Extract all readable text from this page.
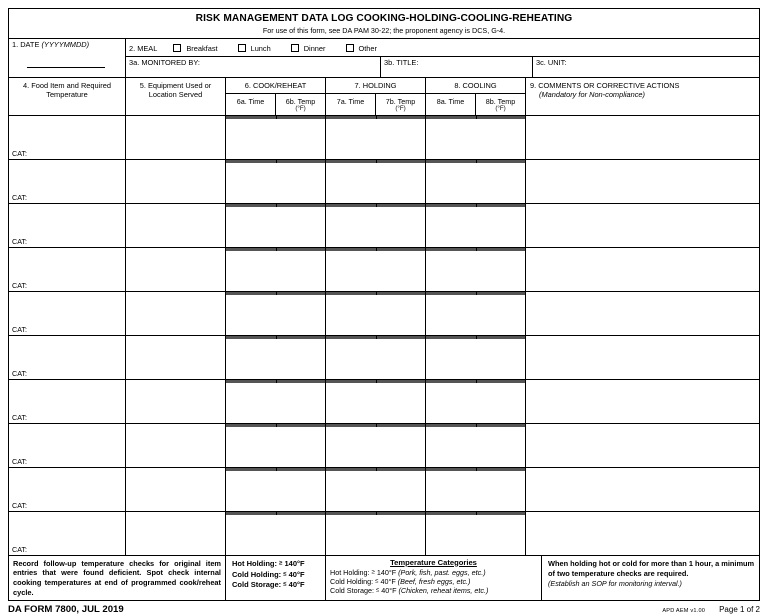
RISK MANAGEMENT DATA LOG COOKING-HOLDING-COOLING-REHEATING
For use of this form, see DA PAM 30-22; the proponent agency is DCS, G-4.
1. DATE (YYYYMMDD)	2. MEAL	Breakfast	Lunch	Dinner	Other
3a. MONITORED BY:	3b. TITLE:	3c. UNIT:
4. Food Item and Required
Temperature
5. Equipment Used or
Location Served
6. COOK/REHEAT
6a. Time	6b. Temp
(°F)
7. HOLDING
7a. Time	7b. Temp
(°F)
8. COOLING
8a. Time	8b. Temp
(°F)
9. COMMENTS OR CORRECTIVE ACTIONS
(Mandatory for Non-compliance)
CAT:
CAT:
CAT:
CAT:
CAT:
CAT:
CAT:
CAT:
CAT:
CAT:
Record follow-up temperature checks for original item entries that were found deficient. Spot check internal cooking temperatures at end of programmed cook/reheat cycle.
Hot Holding: ≥ 140°F
Cold Holding: ≤ 40°F
Cold Storage: ≤ 40°F
Temperature Categories
Hot Holding: ≥ 140°F (Pork, fish, past. eggs, etc.)
Cold Holding: ≤ 40°F (Beef, fresh eggs, etc.)
Cold Storage: ≤ 40°F (Chicken, reheat items, etc.)
When holding hot or cold for more than 1 hour, a minimum of two temperature checks are required.
(Establish an SOP for monitoring interval.)
DA FORM 7800, JUL 2019	APD AEM v1.00 Page 1 of 2
